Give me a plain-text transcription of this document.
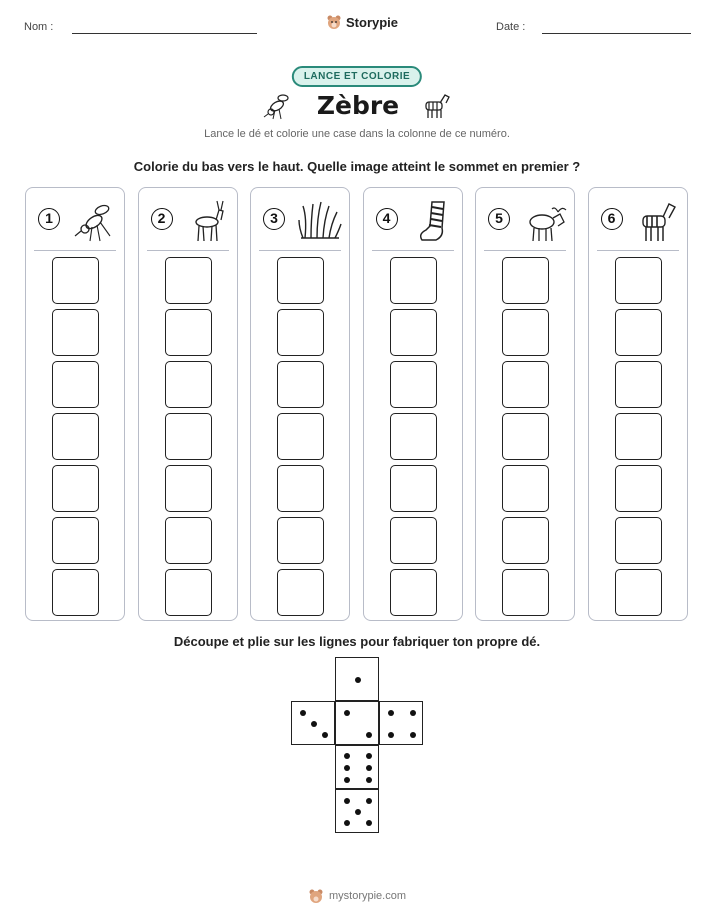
Nom :	Storypie	Date :
LANCE ET COLORIE
Zèbre
Lance le dé et colorie une case dans la colonne de ce numéro.
Colorie du bas vers le haut. Quelle image atteint le sommet en premier ?
1	2	3	4	5	6
Découpe et plie sur les lignes pour fabriquer ton propre dé.
mystorypie.com
